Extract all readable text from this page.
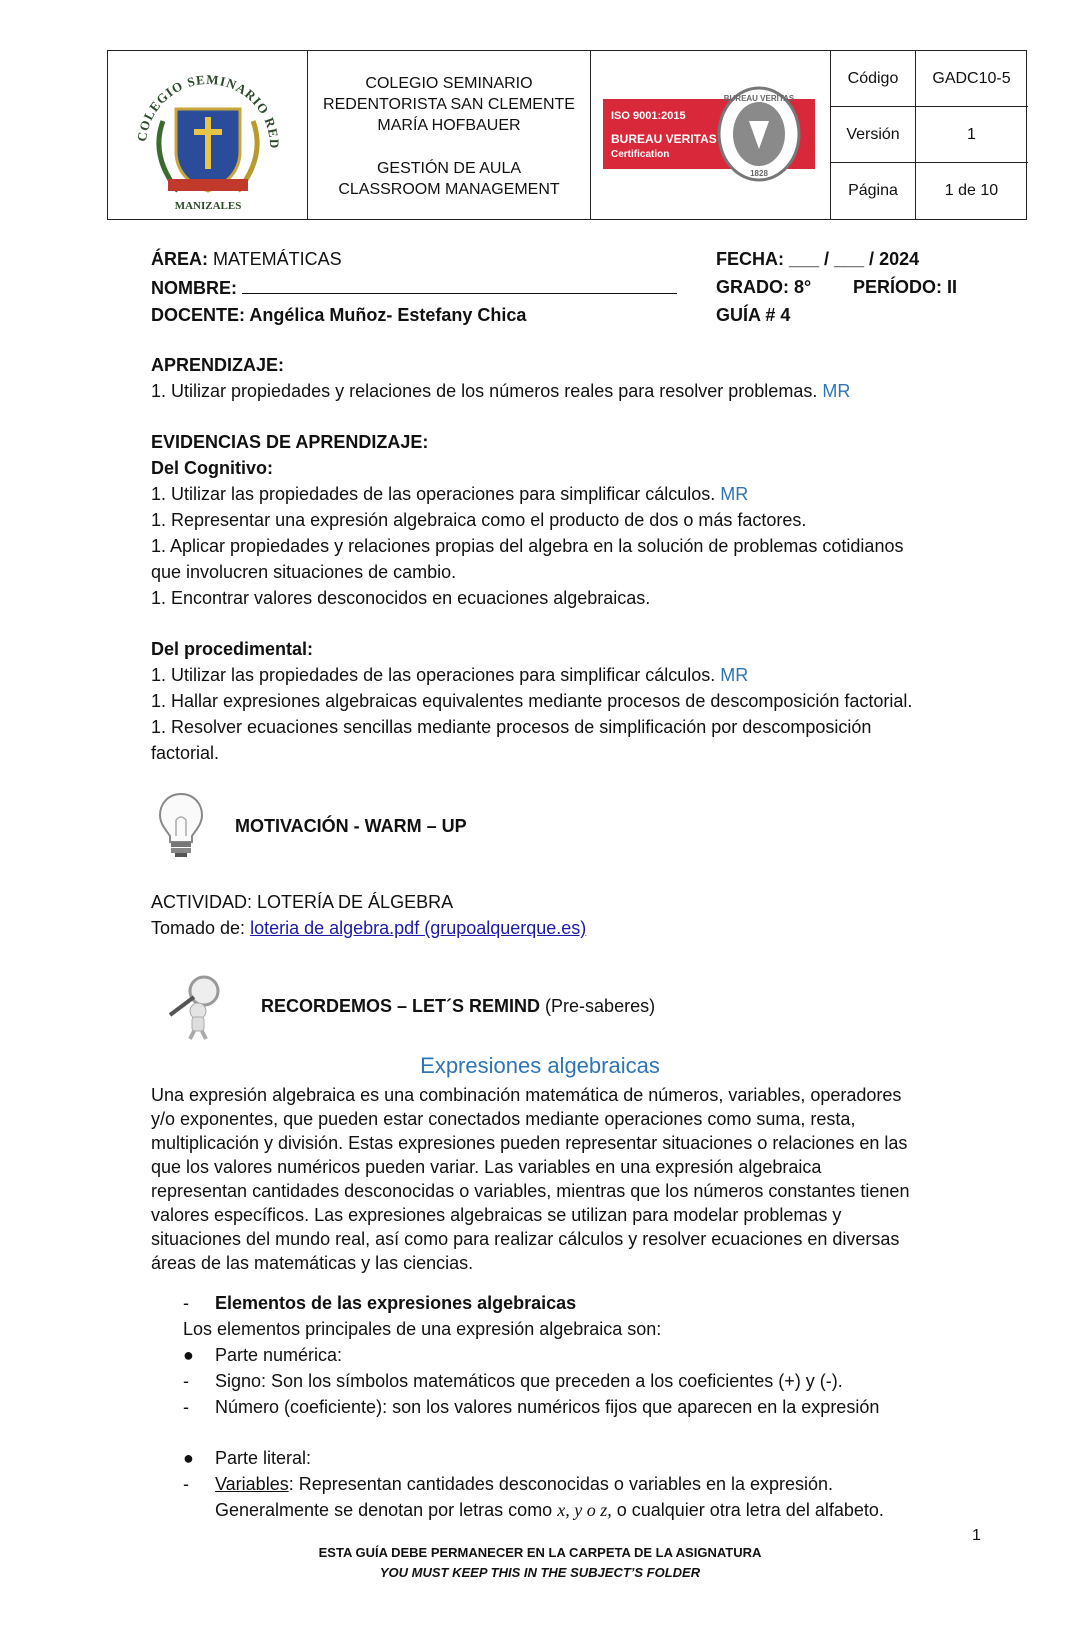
COLEGIO SEMINARIO RED
MANIZALES
COLEGIO SEMINARIO
REDENTORISTA SAN CLEMENTE
MARÍA HOFBAUER
GESTIÓN DE AULA
CLASSROOM MANAGEMENT
ISO 9001:2015
BUREAU VERITAS
Certification
BUREAU VERITAS
1828
Código	GADC10-5
Versión	1
Página	1 de 10
ÁREA: MATEMÁTICAS
NOMBRE:
DOCENTE: Angélica Muñoz- Estefany Chica
FECHA: ___ / ___ / 2024
GRADO: 8° PERÍODO: II
GUÍA # 4
APRENDIZAJE:
1. Utilizar propiedades y relaciones de los números reales para resolver problemas. MR
EVIDENCIAS DE APRENDIZAJE:
Del Cognitivo:
1. Utilizar las propiedades de las operaciones para simplificar cálculos. MR
1. Representar una expresión algebraica como el producto de dos o más factores.
1. Aplicar propiedades y relaciones propias del algebra en la solución de problemas cotidianos
que involucren situaciones de cambio.
1. Encontrar valores desconocidos en ecuaciones algebraicas.
Del procedimental:
1. Utilizar las propiedades de las operaciones para simplificar cálculos. MR
1. Hallar expresiones algebraicas equivalentes mediante procesos de descomposición factorial.
1. Resolver ecuaciones sencillas mediante procesos de simplificación por descomposición
factorial.
MOTIVACIÓN - WARM – UP
ACTIVIDAD: LOTERÍA DE ÁLGEBRA
Tomado de: loteria de algebra.pdf (grupoalquerque.es)
RECORDEMOS – LET´S REMIND (Pre-saberes)
Expresiones algebraicas
Una expresión algebraica es una combinación matemática de números, variables, operadores
y/o exponentes, que pueden estar conectados mediante operaciones como suma, resta,
multiplicación y división. Estas expresiones pueden representar situaciones o relaciones en las
que los valores numéricos pueden variar. Las variables en una expresión algebraica
representan cantidades desconocidas o variables, mientras que los números constantes tienen
valores específicos. Las expresiones algebraicas se utilizan para modelar problemas y
situaciones del mundo real, así como para realizar cálculos y resolver ecuaciones en diversas
áreas de las matemáticas y las ciencias.
- Elementos de las expresiones algebraicas
Los elementos principales de una expresión algebraica son:
● Parte numérica:
- Signo: Son los símbolos matemáticos que preceden a los coeficientes (+) y (-).
- Número (coeficiente): son los valores numéricos fijos que aparecen en la expresión
● Parte literal:
- Variables: Representan cantidades desconocidas o variables en la expresión.
Generalmente se denotan por letras como x, y o z, o cualquier otra letra del alfabeto.
1
ESTA GUÍA DEBE PERMANECER EN LA CARPETA DE LA ASIGNATURA
YOU MUST KEEP THIS IN THE SUBJECT’S FOLDER
